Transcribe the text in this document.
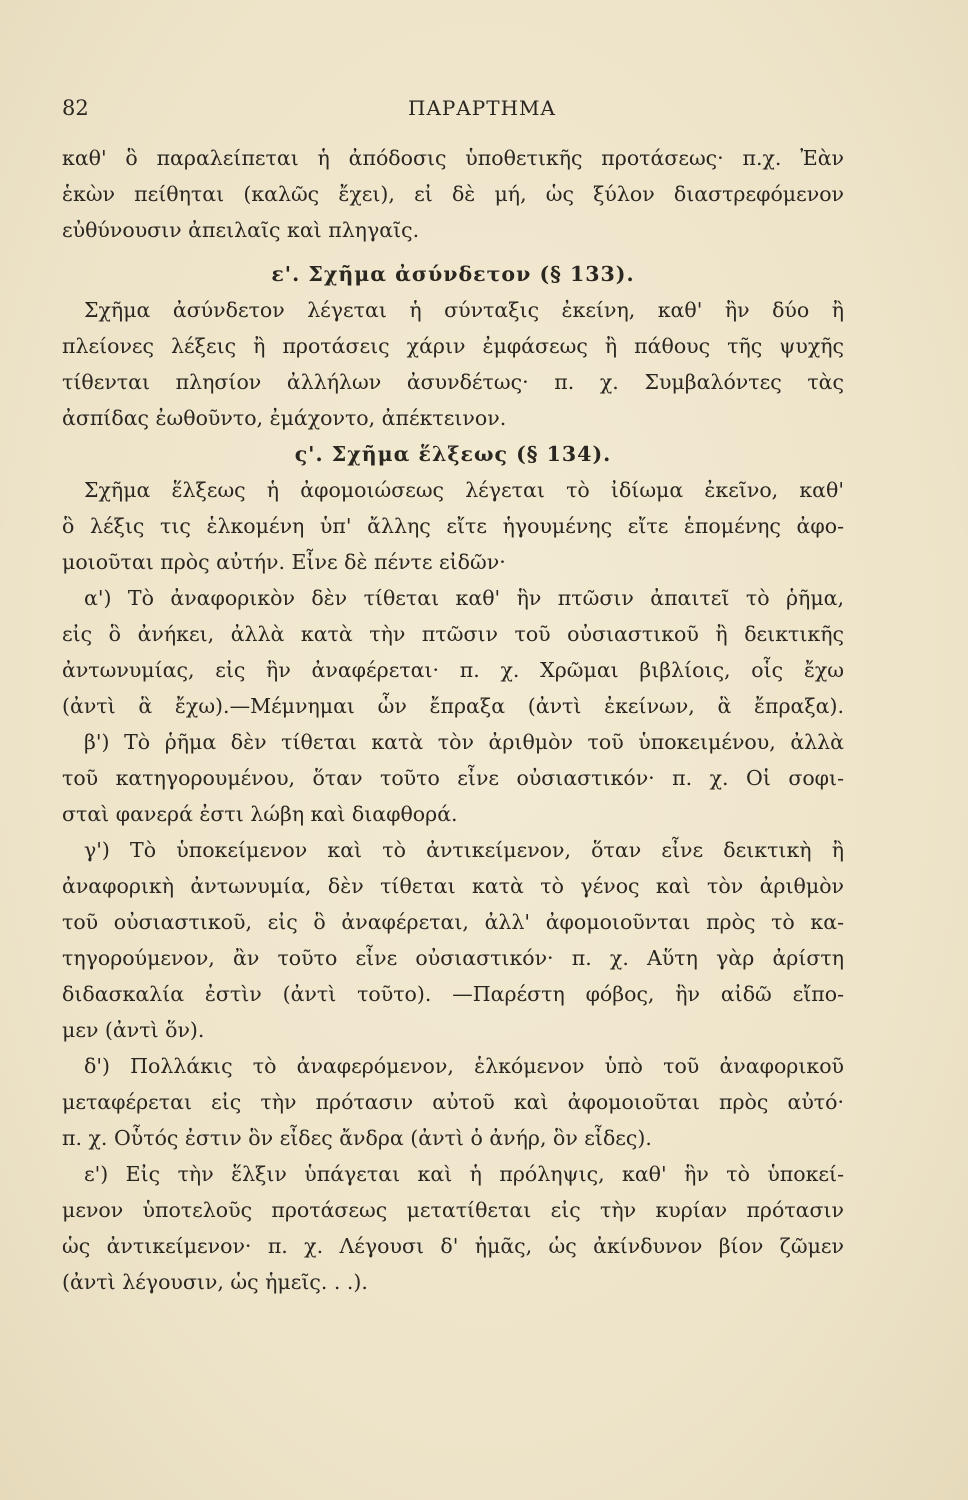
82	ΠΑΡΑΡΤΗΜΑ
καθ' ὃ παραλείπεται ἡ ἀπόδοσις ὑποθετικῆς προτάσεως· π.χ. Ἐὰν
ἑκὼν πείθηται (καλῶς ἔχει), εἰ δὲ μή, ὡς ξύλον διαστρεφόμενον
εὐθύνουσιν ἀπειλαῖς καὶ πληγαῖς.
ε'. Σχῆμα ἀσύνδετον (§ 133).
Σχῆμα ἀσύνδετον λέγεται ἡ σύνταξις ἐκείνη, καθ' ἣν δύο ἢ
πλείονες λέξεις ἢ προτάσεις χάριν ἐμφάσεως ἢ πάθους τῆς ψυχῆς
τίθενται πλησίον ἀλλήλων ἀσυνδέτως· π. χ. Συμβαλόντες τὰς
ἀσπίδας ἐωθοῦντο, ἐμάχοντο, ἀπέκτεινον.
ς'. Σχῆμα ἕλξεως (§ 134).
Σχῆμα ἕλξεως ἡ ἀφομοιώσεως λέγεται τὸ ἰδίωμα ἐκεῖνο, καθ'
ὃ λέξις τις ἑλκομένη ὑπ' ἄλλης εἴτε ἡγουμένης εἴτε ἑπομένης ἀφο-
μοιοῦται πρὸς αὐτήν. Εἶνε δὲ πέντε εἰδῶν·
α') Τὸ ἀναφορικὸν δὲν τίθεται καθ' ἣν πτῶσιν ἀπαιτεῖ τὸ ῥῆμα,
εἰς ὃ ἀνήκει, ἀλλὰ κατὰ τὴν πτῶσιν τοῦ οὐσιαστικοῦ ἢ δεικτικῆς
ἀντωνυμίας, εἰς ἣν ἀναφέρεται· π. χ. Χρῶμαι βιβλίοις, οἷς ἔχω
(ἀντὶ ἃ ἔχω).—Μέμνημαι ὧν ἔπραξα (ἀντὶ ἐκείνων, ἃ ἔπραξα).
β') Τὸ ῥῆμα δὲν τίθεται κατὰ τὸν ἀριθμὸν τοῦ ὑποκειμένου, ἀλλὰ
τοῦ κατηγορουμένου, ὅταν τοῦτο εἶνε οὐσιαστικόν· π. χ. Οἱ σοφι-
σταὶ φανερά ἐστι λώβη καὶ διαφθορά.
γ') Τὸ ὑποκείμενον καὶ τὸ ἀντικείμενον, ὅταν εἶνε δεικτικὴ ἢ
ἀναφορικὴ ἀντωνυμία, δὲν τίθεται κατὰ τὸ γένος καὶ τὸν ἀριθμὸν
τοῦ οὐσιαστικοῦ, εἰς ὃ ἀναφέρεται, ἀλλ' ἀφομοιοῦνται πρὸς τὸ κα-
τηγορούμενον, ἂν τοῦτο εἶνε οὐσιαστικόν· π. χ. Αὕτη γὰρ ἀρίστη
διδασκαλία ἐστὶν (ἀντὶ τοῦτο). —Παρέστη φόβος, ἣν αἰδῶ εἴπο-
μεν (ἀντὶ ὅν).
δ') Πολλάκις τὸ ἀναφερόμενον, ἑλκόμενον ὑπὸ τοῦ ἀναφορικοῦ
μεταφέρεται εἰς τὴν πρότασιν αὐτοῦ καὶ ἀφομοιοῦται πρὸς αὐτό·
π. χ. Οὗτός ἐστιν ὃν εἶδες ἄνδρα (ἀντὶ ὁ ἀνήρ, ὃν εἶδες).
ε') Εἰς τὴν ἕλξιν ὑπάγεται καὶ ἡ πρόληψις, καθ' ἣν τὸ ὑποκεί-
μενον ὑποτελοῦς προτάσεως μετατίθεται εἰς τὴν κυρίαν πρότασιν
ὡς ἀντικείμενον· π. χ. Λέγουσι δ' ἡμᾶς, ὡς ἀκίνδυνον βίον ζῶμεν
(ἀντὶ λέγουσιν, ὡς ἡμεῖς. . .).
